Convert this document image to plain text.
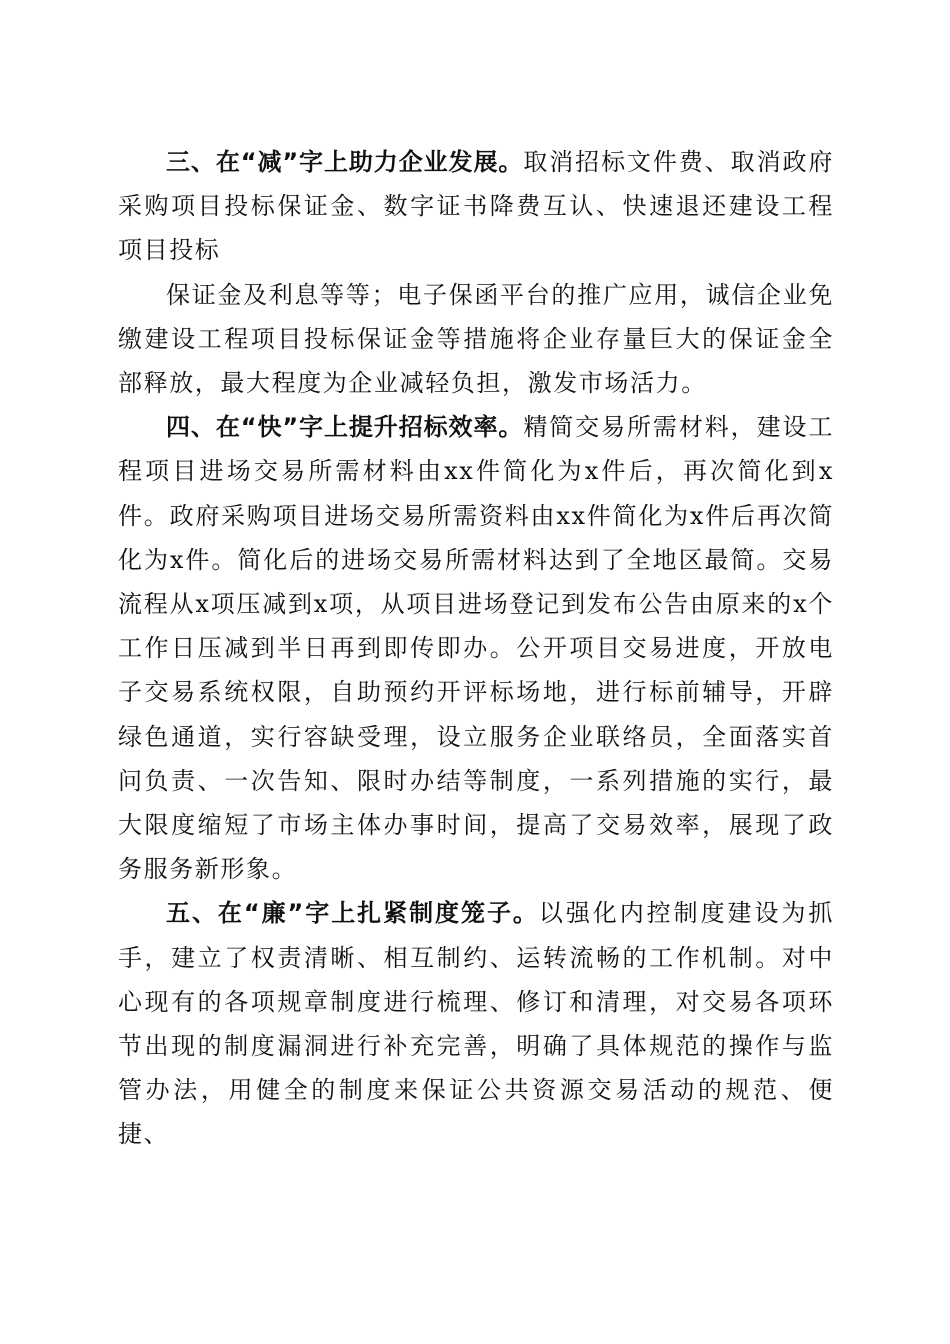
三、在“减”字上助力企业发展。取消招标文件费、取消政府采购项目投标保证金、数字证书降费互认、快速退还建设工程项目投标

保证金及利息等等；电子保函平台的推广应用，诚信企业免缴建设工程项目投标保证金等措施将企业存量巨大的保证金全部释放，最大程度为企业减轻负担，激发市场活力。

四、在“快”字上提升招标效率。精简交易所需材料，建设工程项目进场交易所需材料由xx件简化为x件后，再次简化到x件。政府采购项目进场交易所需资料由xx件简化为x件后再次简化为x件。简化后的进场交易所需材料达到了全地区最简。交易流程从x项压减到x项，从项目进场登记到发布公告由原来的x个工作日压减到半日再到即传即办。公开项目交易进度，开放电子交易系统权限，自助预约开评标场地，进行标前辅导，开辟绿色通道，实行容缺受理，设立服务企业联络员，全面落实首问负责、一次告知、限时办结等制度，一系列措施的实行，最大限度缩短了市场主体办事时间，提高了交易效率，展现了政务服务新形象。

五、在“廉”字上扎紧制度笼子。以强化内控制度建设为抓手，建立了权责清晰、相互制约、运转流畅的工作机制。对中心现有的各项规章制度进行梳理、修订和清理，对交易各项环节出现的制度漏洞进行补充完善，明确了具体规范的操作与监管办法，用健全的制度来保证公共资源交易活动的规范、便捷、
